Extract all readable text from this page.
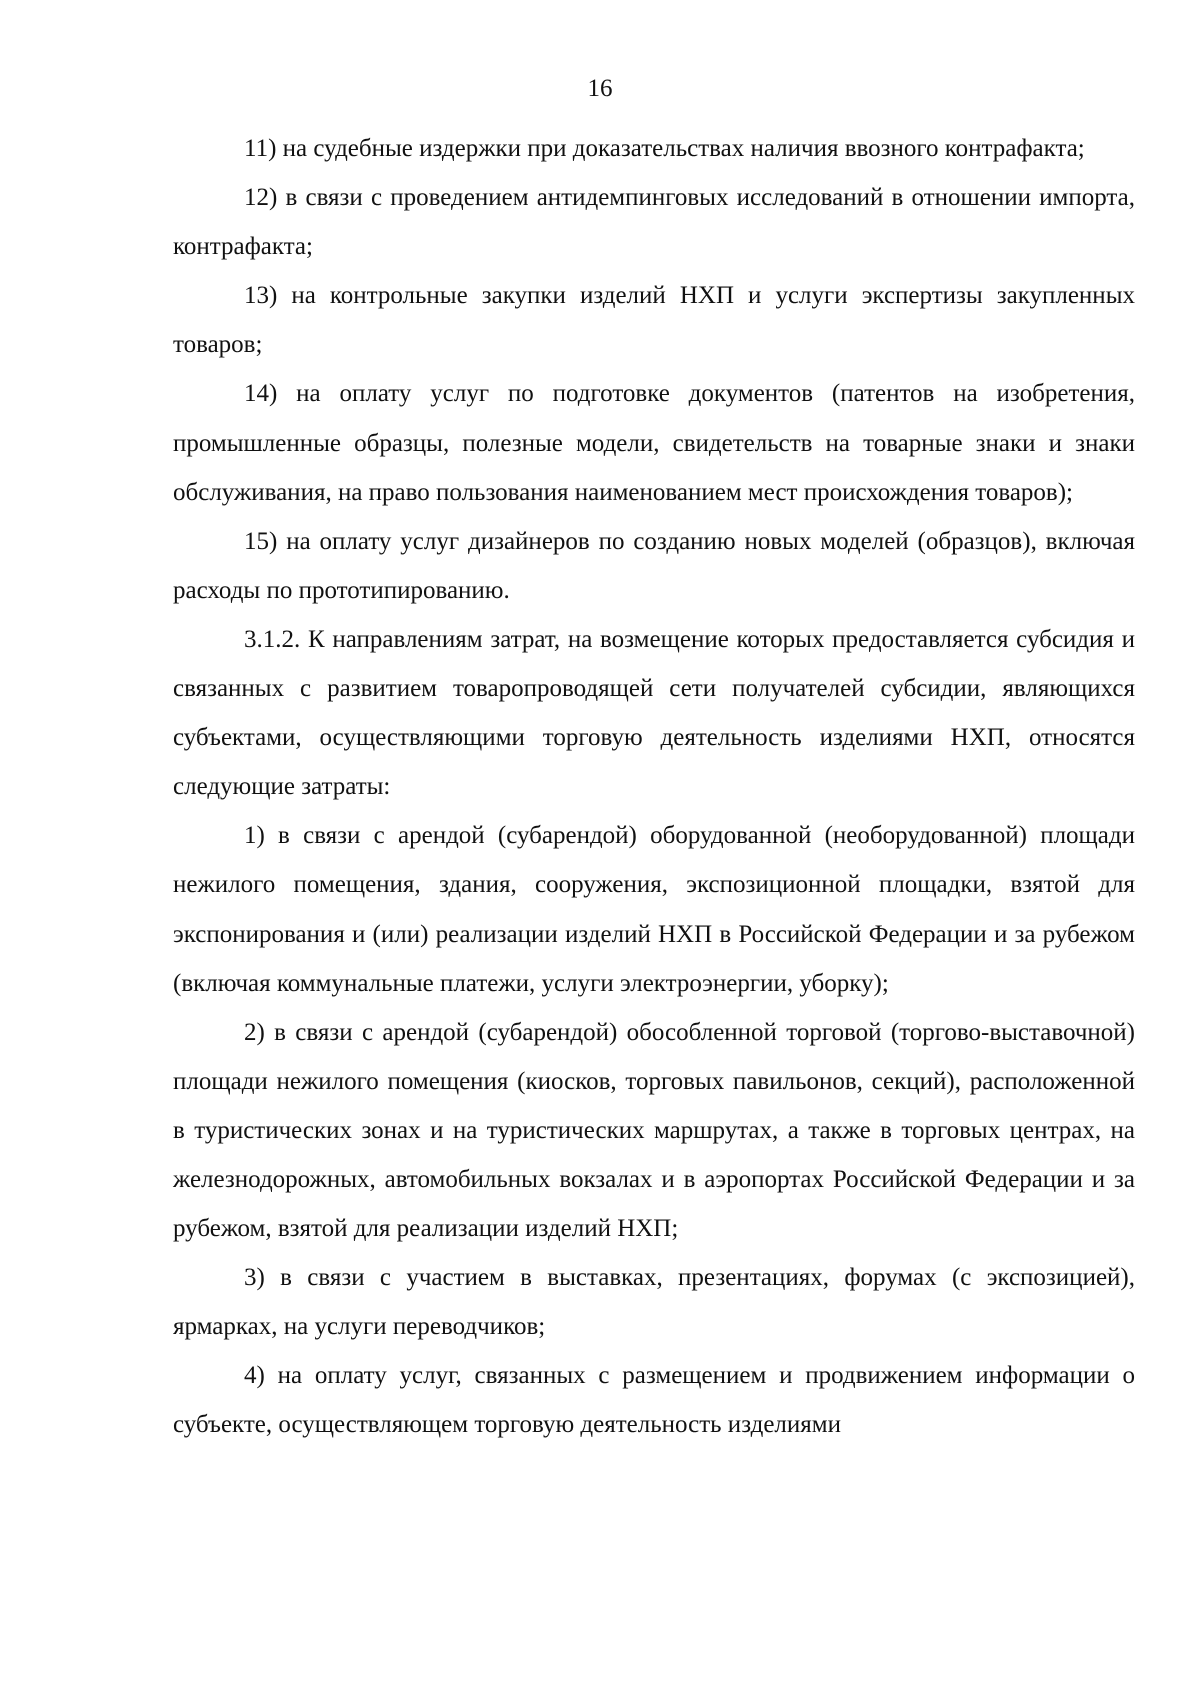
16

11) на судебные издержки при доказательствах наличия ввозного контрафакта;

12) в связи с проведением антидемпинговых исследований в отношении импорта, контрафакта;

13) на контрольные закупки изделий НХП и услуги экспертизы закупленных товаров;

14) на оплату услуг по подготовке документов (патентов на изобретения, промышленные образцы, полезные модели, свидетельств на товарные знаки и знаки обслуживания, на право пользования наименованием мест происхождения товаров);

15) на оплату услуг дизайнеров по созданию новых моделей (образцов), включая расходы по прототипированию.

3.1.2. К направлениям затрат, на возмещение которых предоставляется субсидия и связанных с развитием товаропроводящей сети получателей субсидии, являющихся субъектами, осуществляющими торговую деятельность изделиями НХП, относятся следующие затраты:

1) в связи с арендой (субарендой) оборудованной (необорудованной) площади нежилого помещения, здания, сооружения, экспозиционной площадки, взятой для экспонирования и (или) реализации изделий НХП в Российской Федерации и за рубежом (включая коммунальные платежи, услуги электроэнергии, уборку);

2) в связи с арендой (субарендой) обособленной торговой (торгово-выставочной) площади нежилого помещения (киосков, торговых павильонов, секций), расположенной в туристических зонах и на туристических маршрутах, а также в торговых центрах, на железнодорожных, автомобильных вокзалах и в аэропортах Российской Федерации и за рубежом, взятой для реализации изделий НХП;

3) в связи с участием в выставках, презентациях, форумах (с экспозицией), ярмарках, на услуги переводчиков;

4) на оплату услуг, связанных с размещением и продвижением информации о субъекте, осуществляющем торговую деятельность изделиями
